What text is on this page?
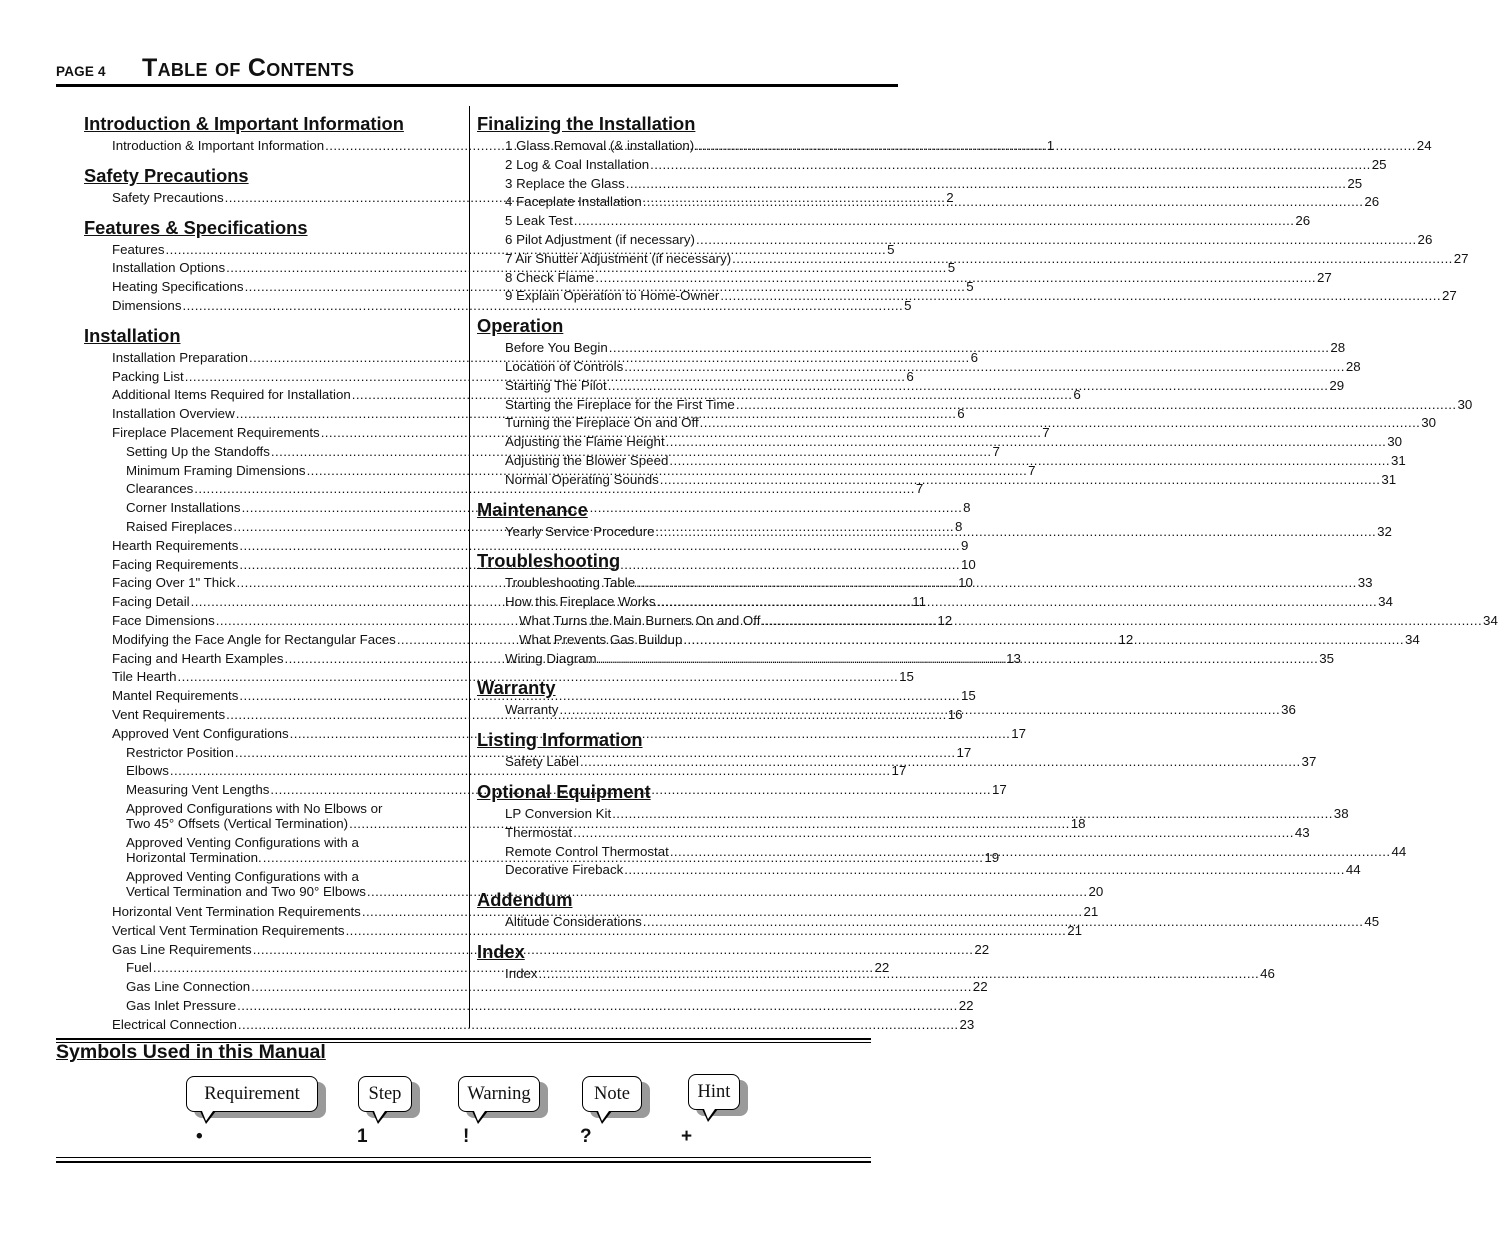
PAGE 4 Table of Contents
Introduction & Important Information
Introduction & Important Information .....	1
Safety Precautions
Safety Precautions .....	2
Features & Specifications
Features .....	5
Installation Options .....	5
Heating Specifications .....	5
Dimensions .....	5
Installation
Installation Preparation .....	6
Packing List .....	6
Additional Items Required for Installation .....	6
Installation Overview .....	6
Fireplace Placement Requirements .....	7
Setting Up the Standoffs .....	7
Minimum Framing Dimensions .....	7
Clearances .....	7
Corner Installations .....	8
Raised Fireplaces .....	8
Hearth Requirements .....	9
Facing Requirements .....	10
Facing Over 1" Thick .....	10
Facing Detail .....	11
Face Dimensions .....	12
Modifying the Face Angle for Rectangular Faces .....	12
Facing and Hearth Examples .....	13
Tile Hearth .....	15
Mantel Requirements .....	15
Vent Requirements .....	16
Approved Vent Configurations .....	17
Restrictor Position .....	17
Elbows .....	17
Measuring Vent Lengths .....	17
Approved Configurations with No Elbows or
Two 45° Offsets (Vertical Termination) .....	18
Approved Venting Configurations with a
Horizontal Termination. .....	19
Approved Venting Configurations with a
Vertical Termination and Two 90° Elbows .....	20
Horizontal Vent Termination Requirements .....	21
Vertical Vent Termination Requirements .....	21
Gas Line Requirements .....	22
Fuel .....	22
Gas Line Connection .....	22
Gas Inlet Pressure .....	22
Electrical Connection .....	23
Finalizing the Installation
1 Glass Removal (& installation) .....	24
2 Log & Coal Installation .....	25
3 Replace the Glass .....	25
4 Faceplate Installation .....	26
5 Leak Test .....	26
6 Pilot Adjustment (if necessary) .....	26
7 Air Shutter Adjustment (if necessary) .....	27
8 Check Flame .....	27
9 Explain Operation to Home-Owner .....	27
Operation
Before You Begin .....	28
Location of Controls .....	28
Starting The Pilot .....	29
Starting the Fireplace for the First Time .....	30
Turning the Fireplace On and Off .....	30
Adjusting the Flame Height .....	30
Adjusting the Blower Speed .....	31
Normal Operating Sounds .....	31
Maintenance
Yearly Service Procedure .....	32
Troubleshooting
Troubleshooting Table .....	33
How this Fireplace Works .....	34
What Turns the Main Burners On and Off .....	34
What Prevents Gas Buildup .....	34
Wiring Diagram .....	35
Warranty
Warranty .....	36
Listing Information
Safety Label .....	37
Optional Equipment
LP Conversion Kit .....	38
Thermostat .....	43
Remote Control Thermostat .....	44
Decorative Fireback .....	44
Addendum
Altitude Considerations .....	45
Index
Index .....	46
Symbols Used in this Manual
Requirement	Step	Warning	Note	Hint
•	1	!	?	+
